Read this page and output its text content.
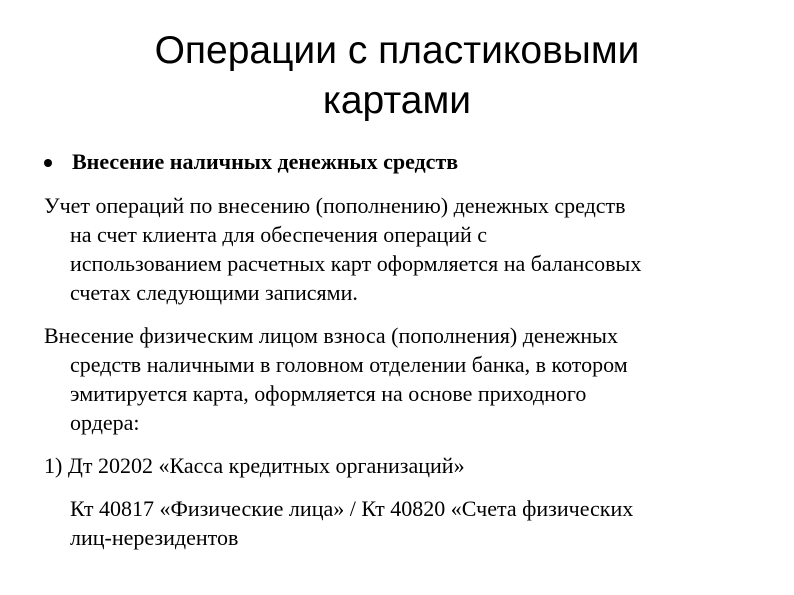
Операции с пластиковыми
картами
Внесение наличных денежных средств

Учет операций по внесению (пополнению) денежных средств
на счет клиента для обеспечения операций с
использованием расчетных карт оформляется на балансовых
счетах следующими записями.

Внесение физическим лицом взноса (пополнения) денежных
средств наличными в головном отделении банка, в котором
эмитируется карта, оформляется на основе приходного
ордера:

1) Дт 20202 «Касса кредитных организаций»

Кт 40817 «Физические лица» / Кт 40820 «Счета физических
лиц-нерезидентов
